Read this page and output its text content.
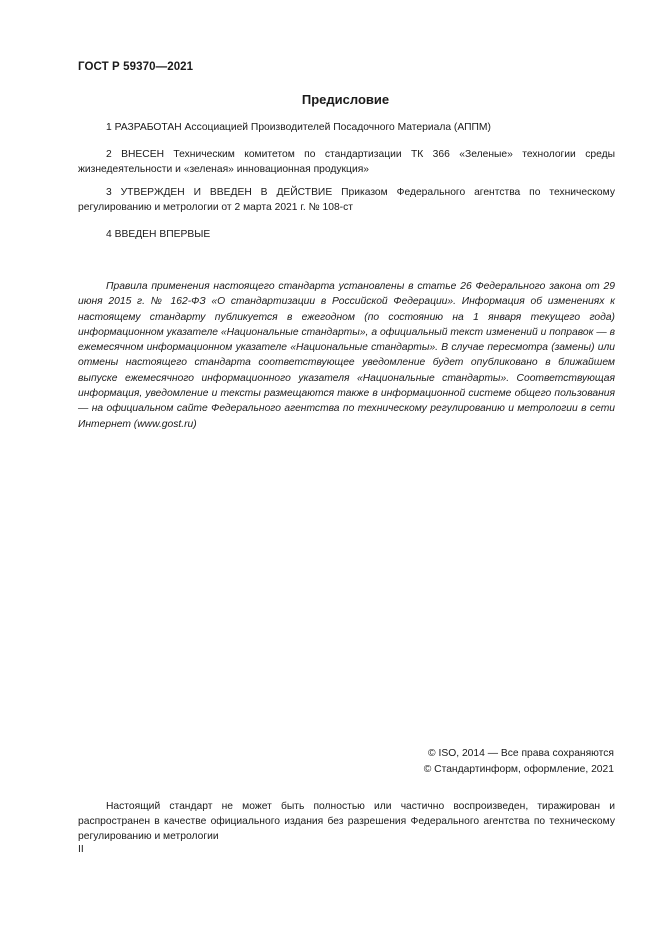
ГОСТ Р 59370—2021
Предисловие

1 РАЗРАБОТАН Ассоциацией Производителей Посадочного Материала (АППМ)

2 ВНЕСЕН Техническим комитетом по стандартизации ТК 366 «Зеленые» технологии среды жизнедеятельности и «зеленая» инновационная продукция»

3 УТВЕРЖДЕН И ВВЕДЕН В ДЕЙСТВИЕ Приказом Федерального агентства по техническому регулированию и метрологии от 2 марта 2021 г. № 108-ст

4 ВВЕДЕН ВПЕРВЫЕ

Правила применения настоящего стандарта установлены в статье 26 Федерального закона от 29 июня 2015 г. № 162-ФЗ «О стандартизации в Российской Федерации». Информация об изменениях к настоящему стандарту публикуется в ежегодном (по состоянию на 1 января текущего года) информационном указателе «Национальные стандарты», а официальный текст изменений и поправок — в ежемесячном информационном указателе «Национальные стандарты». В случае пересмотра (замены) или отмены настоящего стандарта соответствующее уведомление будет опубликовано в ближайшем выпуске ежемесячного информационного указателя «Национальные стандарты». Соответствующая информация, уведомление и тексты размещаются также в информационной системе общего пользования — на официальном сайте Федерального агентства по техническому регулированию и метрологии в сети Интернет (www.gost.ru)

© ISO, 2014 — Все права сохраняются
© Стандартинформ, оформление, 2021

Настоящий стандарт не может быть полностью или частично воспроизведен, тиражирован и распространен в качестве официального издания без разрешения Федерального агентства по техническому регулированию и метрологии

II
